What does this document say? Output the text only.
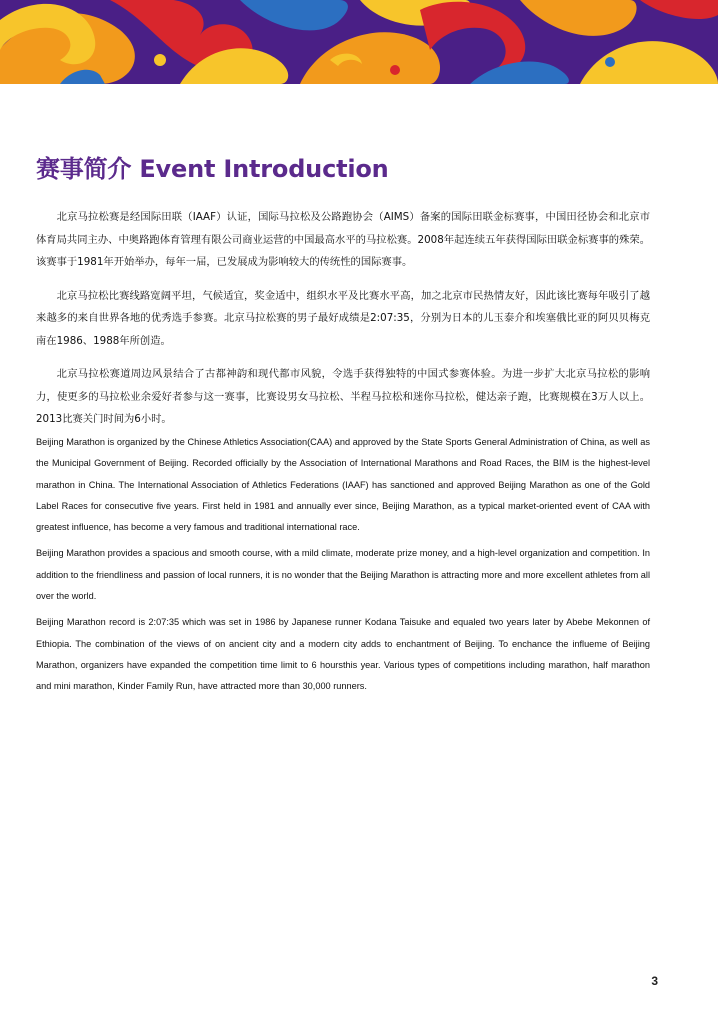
赛事简介 Event Introduction

北京马拉松赛是经国际田联（IAAF）认证，国际马拉松及公路跑协会（AIMS）备案的国际田联金标赛事，中国田径协会和北京市体育局共同主办、中奥路跑体育管理有限公司商业运营的中国最高水平的马拉松赛。2008年起连续五年获得国际田联金标赛事的殊荣。该赛事于1981年开始举办，每年一届，已发展成为影响较大的传统性的国际赛事。

北京马拉松比赛线路宽阔平坦，气候适宜，奖金适中，组织水平及比赛水平高，加之北京市民热情友好，因此该比赛每年吸引了越来越多的来自世界各地的优秀选手参赛。北京马拉松赛的男子最好成绩是2:07:35，分别为日本的儿玉泰介和埃塞俄比亚的阿贝贝梅克南在1986、1988年所创造。

北京马拉松赛道周边风景结合了古都神韵和现代都市风貌，令选手获得独特的中国式参赛体验。为进一步扩大北京马拉松的影响力，使更多的马拉松业余爱好者参与这一赛事，比赛设男女马拉松、半程马拉松和迷你马拉松，健达亲子跑，比赛规模在3万人以上。2013比赛关门时间为6小时。

Beijing Marathon is organized by the Chinese Athletics Association(CAA) and approved by the State Sports General Administration of China, as well as the Municipal Government of Beijing. Recorded officially by the Association of International Marathons and Road Races, the BIM is the highest-level marathon in China. The International Association of Athletics Federations (IAAF) has sanctioned and approved Beijing Marathon as one of the Gold Label Races for consecutive five years. First held in 1981 and annually ever since, Beijing Marathon, as a typical market-oriented event of CAA with greatest influence, has become a very famous and traditional international race.

Beijing Marathon provides a spacious and smooth course, with a mild climate, moderate prize money, and a high-level organization and competition. In addition to the friendliness and passion of local runners, it is no wonder that the Beijing Marathon is attracting more and more excellent athletes from all over the world.

Beijing Marathon record is 2:07:35 which was set in 1986 by Japanese runner Kodana Taisuke and equaled two years later by Abebe Mekonnen of Ethiopia. The combination of the views of on ancient city and a modern city adds to enchantment of Beijing. To enchance the influeme of Beijing Marathon, organizers have expanded the competition time limit to 6 hoursthis year. Various types of competitions including marathon, half marathon and mini marathon, Kinder Family Run, have attracted more than 30,000 runners.

3
